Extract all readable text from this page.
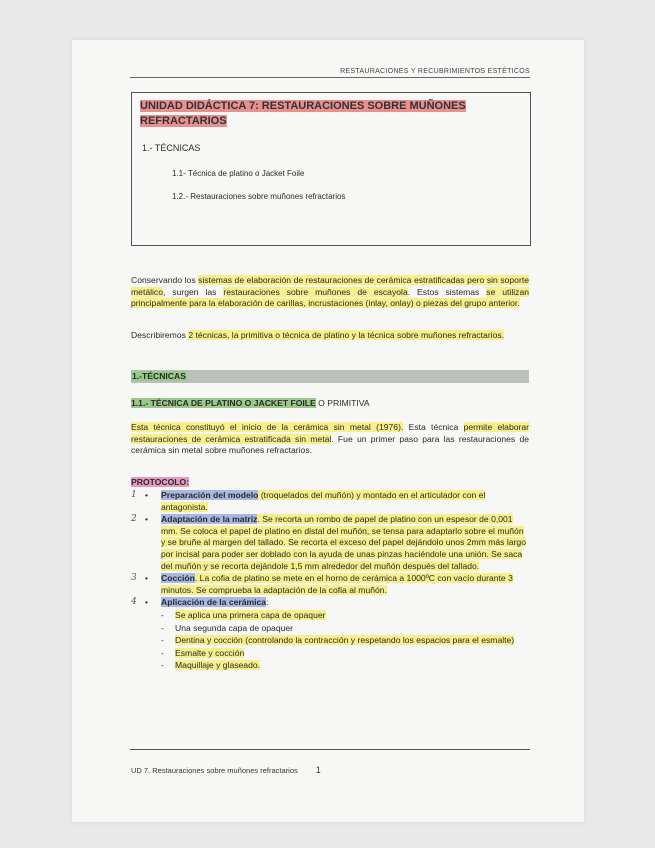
RESTAURACIONES Y RECUBRIMIENTOS ESTÉTICOS
UNIDAD DIDÁCTICA 7: RESTAURACIONES SOBRE MUÑONES REFRACTARIOS
1.- TÉCNICAS
1.1- Técnica de platino o Jacket Foile
1.2.- Restauraciones sobre muñones refractarios

Conservando los sistemas de elaboración de restauraciones de cerámica estratificadas pero sin soporte metálico, surgen las restauraciones sobre muñones de escayola. Estos sistemas se utilizan principalmente para la elaboración de carillas, incrustaciones (inlay, onlay) o piezas del grupo anterior.

Describiremos 2 técnicas, la primitiva o técnica de platino y la técnica sobre muñones refractarios.

1.-TÉCNICAS
1.1.- TÉCNICA DE PLATINO O JACKET FOILE O PRIMITIVA

Esta técnica constituyó el inicio de la cerámica sin metal (1976). Esta técnica permite elaborar restauraciones de cerámica estratificada sin metal. Fue un primer paso para las restauraciones de cerámica sin metal sobre muñones refractarios.

PROTOCOLO:
1 • Preparación del modelo (troquelados del muñón) y montado en el articulador con el antagonista.
2 • Adaptación de la matriz. Se recorta un rombo de papel de platino con un espesor de 0,001 mm. Se coloca el papel de platino en distal del muñón, se tensa para adaptarlo sobre el muñón y se bruñe al margen del tallado. Se recorta el exceso del papel dejándolo unos 2mm más largo por incisal para poder ser doblado con la ayuda de unas pinzas haciéndole una unión. Se saca del muñón y se recorta dejándole 1,5 mm alrededor del muñón después del tallado.
3 • Cocción. La cofia de platino se mete en el horno de cerámica a 1000ºC con vacío durante 3 minutos. Se comprueba la adaptación de la cofia al muñón.
4 • Aplicación de la cerámica:
- Se aplica una primera capa de opaquer
- Una segunda capa de opaquer
- Dentina y cocción (controlando la contracción y respetando los espacios para el esmalte)
- Esmalte y cocción
- Maquillaje y glaseado.
UD 7. Restauraciones sobre muñones refractarios 1
